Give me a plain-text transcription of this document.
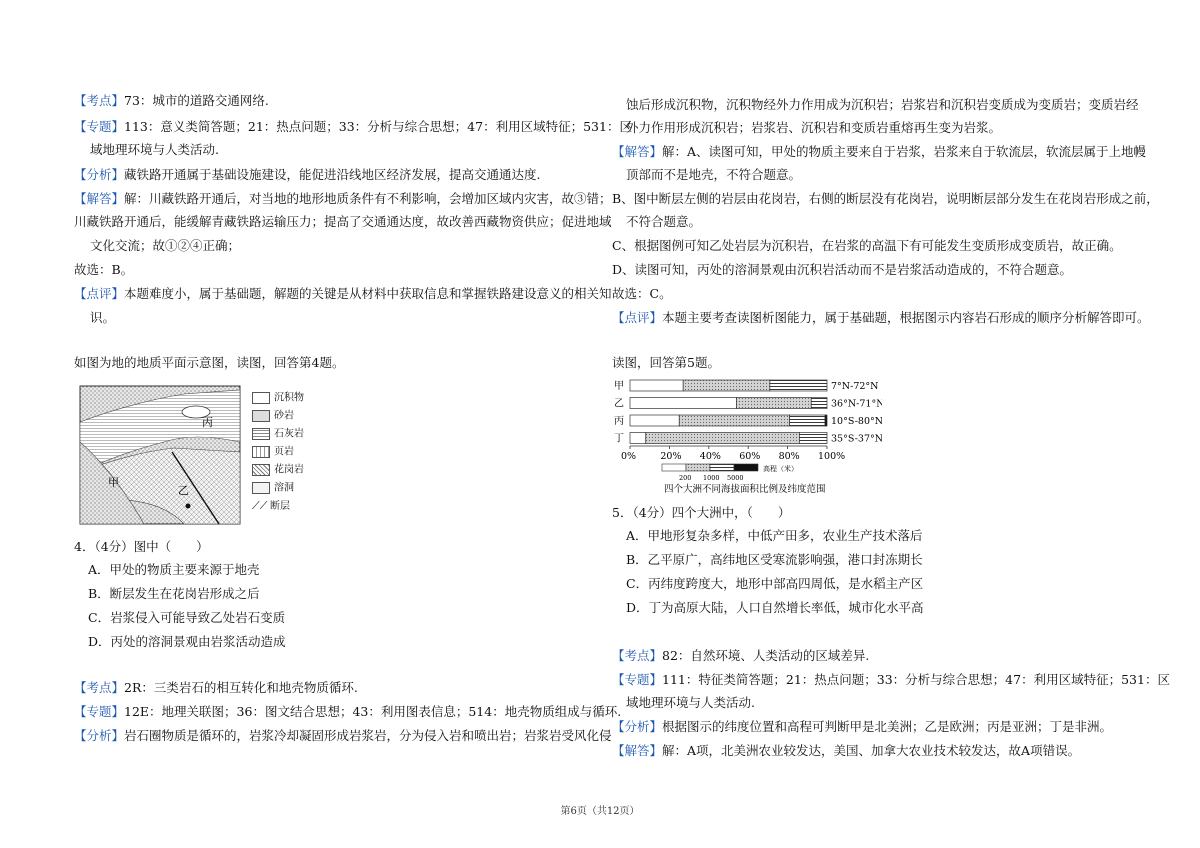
【考点】73：城市的道路交通网络.
【专题】113：意义类简答题；21：热点问题；33：分析与综合思想；47：利用区域特征；531：区
域地理环境与人类活动.
【分析】藏铁路开通属于基础设施建设，能促进沿线地区经济发展，提高交通通达度.
【解答】解：川藏铁路开通后，对当地的地形地质条件有不利影响，会增加区域内灾害，故③错；
川藏铁路开通后，能缓解青藏铁路运输压力；提高了交通通达度，故改善西藏物资供应；促进地域
文化交流；故①②④正确；
故选：B。
【点评】本题难度小，属于基础题，解题的关键是从材料中获取信息和掌握铁路建设意义的相关知
识。
如图为地的地质平面示意图，读图，回答第4题。
丙
乙
甲
沉积物
砂岩
石灰岩
页岩
花岗岩
溶洞
⟋⟋ 断层
4．（4分）图中（　　）
A．甲处的物质主要来源于地壳
B．断层发生在花岗岩形成之后
C．岩浆侵入可能导致乙处岩石变质
D．丙处的溶洞景观由岩浆活动造成
【考点】2R：三类岩石的相互转化和地壳物质循环.
【专题】12E：地理关联图；36：图文结合思想；43：利用图表信息；514：地壳物质组成与循环.
【分析】岩石圈物质是循环的，岩浆冷却凝固形成岩浆岩，分为侵入岩和喷出岩；岩浆岩受风化侵
蚀后形成沉积物，沉积物经外力作用成为沉积岩；岩浆岩和沉积岩变质成为变质岩；变质岩经
外力作用形成沉积岩；岩浆岩、沉积岩和变质岩重熔再生变为岩浆。
【解答】解：A、读图可知，甲处的物质主要来自于岩浆，岩浆来自于软流层，软流层属于上地幔
顶部而不是地壳，不符合题意。
B、图中断层左侧的岩层由花岗岩，右侧的断层没有花岗岩，说明断层部分发生在花岗岩形成之前，
不符合题意。
C、根据图例可知乙处岩层为沉积岩，在岩浆的高温下有可能发生变质形成变质岩，故正确。
D、读图可知，丙处的溶洞景观由沉积岩活动而不是岩浆活动造成的，不符合题意。
故选：C。
【点评】本题主要考查读图析图能力，属于基础题，根据图示内容岩石形成的顺序分析解答即可。
读图，回答第5题。
甲	7°N-72°N
乙	36°N-71°N
丙	10°S-80°N
丁	35°S-37°N
0%	20% 40% 60% 80% 100%
高程（米）
200 1000 5000
四个大洲不同海拔面积比例及纬度范围
5．（4分）四个大洲中，（　　）
A．甲地形复杂多样，中低产田多，农业生产技术落后
B．乙平原广，高纬地区受寒流影响强，港口封冻期长
C．丙纬度跨度大，地形中部高四周低，是水稻主产区
D．丁为高原大陆，人口自然增长率低，城市化水平高
【考点】82：自然环境、人类活动的区域差异.
【专题】111：特征类简答题；21：热点问题；33：分析与综合思想；47：利用区域特征；531：区
域地理环境与人类活动.
【分析】根据图示的纬度位置和高程可判断甲是北美洲；乙是欧洲；丙是亚洲；丁是非洲。
【解答】解：A项，北美洲农业较发达，美国、加拿大农业技术较发达，故A项错误。
第6页（共12页）
